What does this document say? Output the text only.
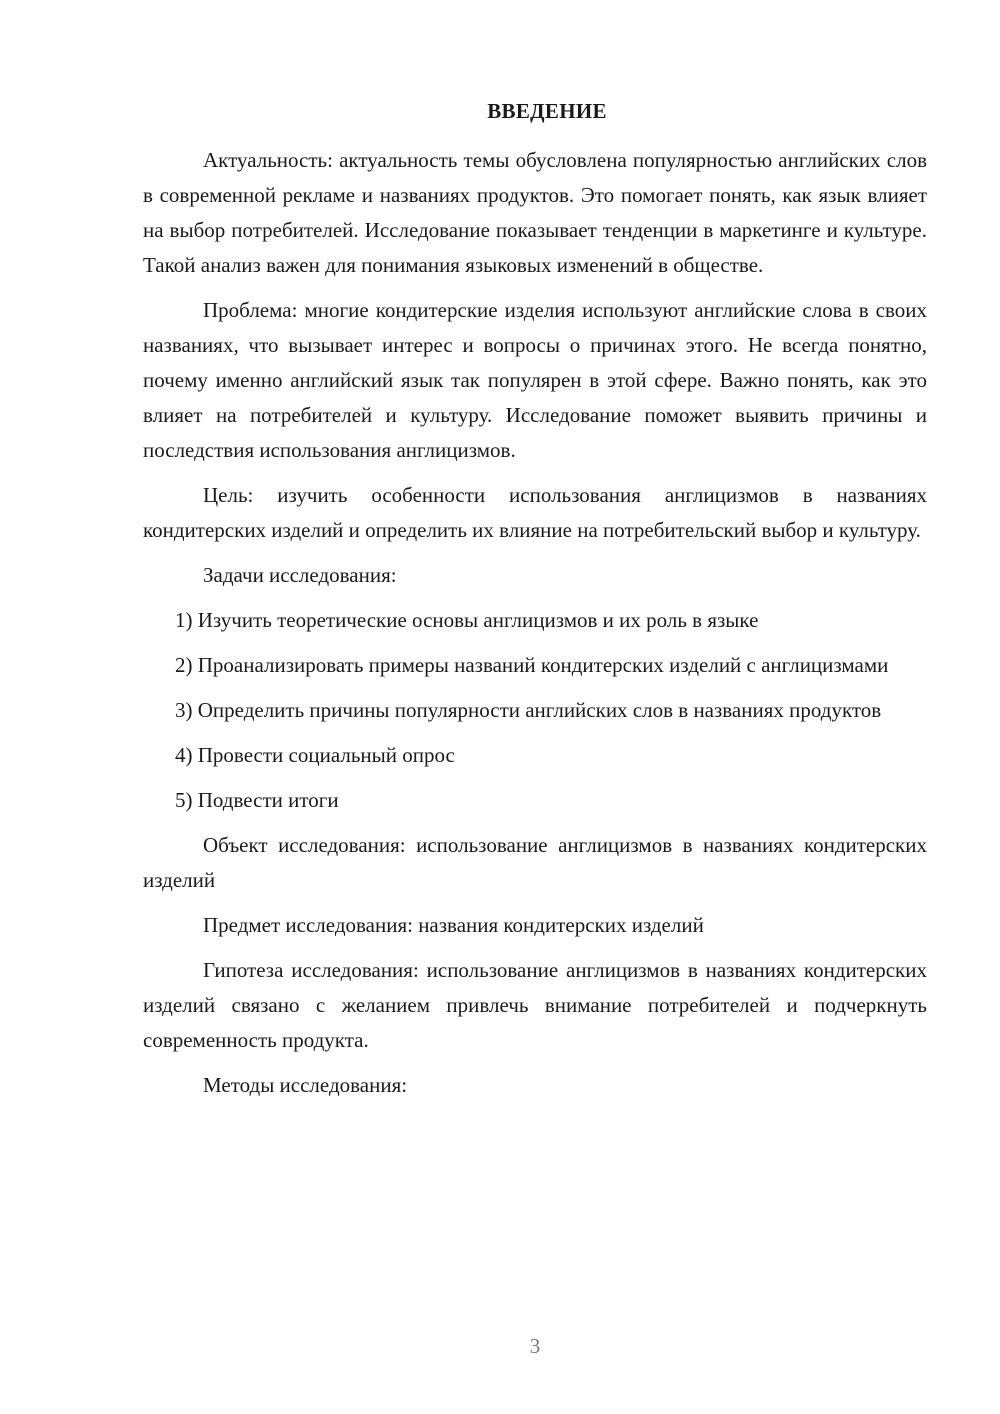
ВВЕДЕНИЕ

Актуальность: актуальность темы обусловлена популярностью английских слов в современной рекламе и названиях продуктов. Это помогает понять, как язык влияет на выбор потребителей. Исследование показывает тенденции в маркетинге и культуре. Такой анализ важен для понимания языковых изменений в обществе.

Проблема: многие кондитерские изделия используют английские слова в своих названиях, что вызывает интерес и вопросы о причинах этого. Не всегда понятно, почему именно английский язык так популярен в этой сфере. Важно понять, как это влияет на потребителей и культуру. Исследование поможет выявить причины и последствия использования англицизмов.

Цель: изучить особенности использования англицизмов в названиях кондитерских изделий и определить их влияние на потребительский выбор и культуру.

Задачи исследования:

1) Изучить теоретические основы англицизмов и их роль в языке

2) Проанализировать примеры названий кондитерских изделий с англицизмами

3) Определить причины популярности английских слов в названиях продуктов

4) Провести социальный опрос

5) Подвести итоги

Объект исследования: использование англицизмов в названиях кондитерских изделий

Предмет исследования: названия кондитерских изделий

Гипотеза исследования: использование англицизмов в названиях кондитерских изделий связано с желанием привлечь внимание потребителей и подчеркнуть современность продукта.

Методы исследования:

3
